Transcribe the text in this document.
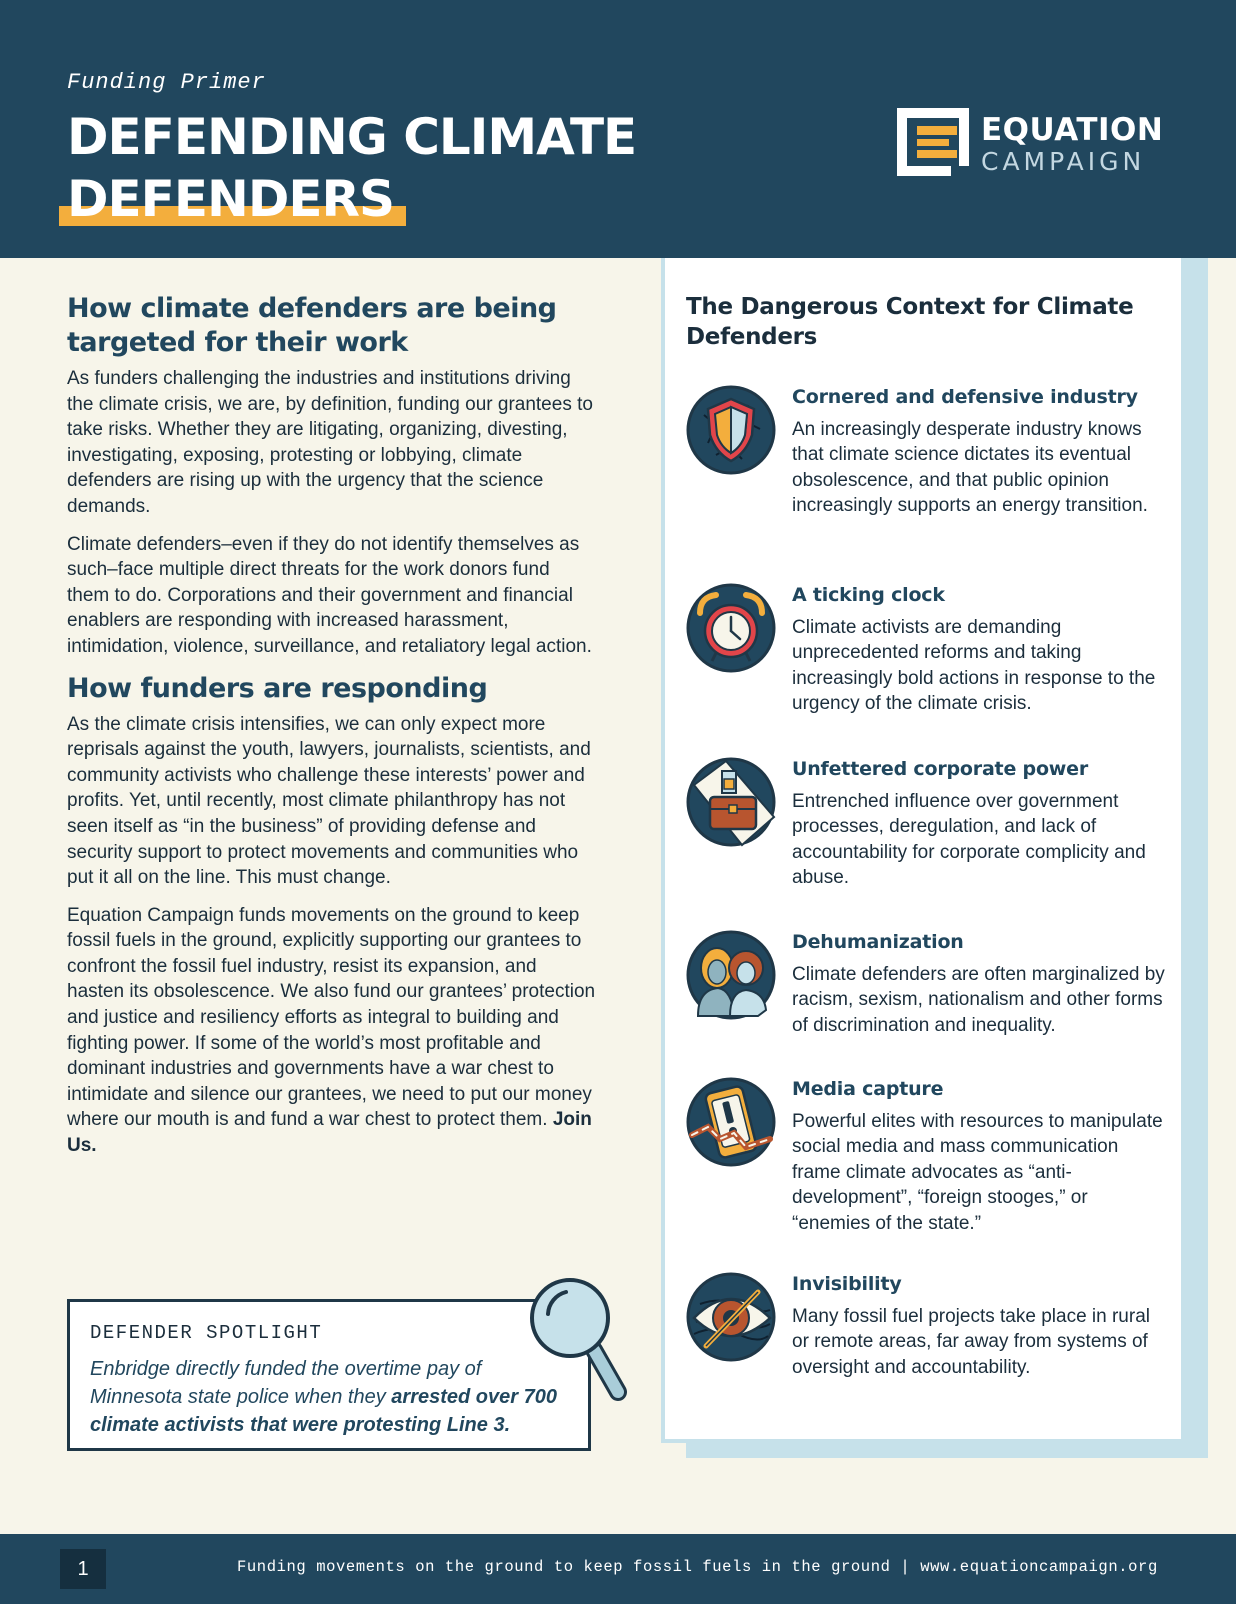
Funding Primer
DEFENDING CLIMATE
DEFENDERS
EQUATION
CAMPAIGN
How climate defenders are being targeted for their work

As funders challenging the industries and institutions driving the climate crisis, we are, by definition, funding our grantees to take risks. Whether they are litigating, organizing, divesting, investigating, exposing, protesting or lobbying, climate defenders are rising up with the urgency that the science demands.

Climate defenders–even if they do not identify themselves as such–face multiple direct threats for the work donors fund them to do. Corporations and their government and financial enablers are responding with increased harassment, intimidation, violence, surveillance, and retaliatory legal action.

How funders are responding

As the climate crisis intensifies, we can only expect more reprisals against the youth, lawyers, journalists, scientists, and community activists who challenge these interests’ power and profits. Yet, until recently, most climate philanthropy has not seen itself as “in the business” of providing defense and security support to protect movements and communities who put it all on the line. This must change.

Equation Campaign funds movements on the ground to keep fossil fuels in the ground, explicitly supporting our grantees to confront the fossil fuel industry, resist its expansion, and hasten its obsolescence. We also fund our grantees’ protection and justice and resiliency efforts as integral to building and fighting power. If some of the world’s most profitable and dominant industries and governments have a war chest to intimidate and silence our grantees, we need to put our money where our mouth is and fund a war chest to protect them. Join Us.

DEFENDER SPOTLIGHT
Enbridge directly funded the overtime pay of Minnesota state police when they arrested over 700 climate activists that were protesting Line 3.
The Dangerous Context for Climate Defenders
Cornered and defensive industry

An increasingly desperate industry knows that climate science dictates its eventual obsolescence, and that public opinion increasingly supports an energy transition.

A ticking clock

Climate activists are demanding unprecedented reforms and taking increasingly bold actions in response to the urgency of the climate crisis.

Unfettered corporate power

Entrenched influence over government processes, deregulation, and lack of accountability for corporate complicity and abuse.

Dehumanization

Climate defenders are often marginalized by racism, sexism, nationalism and other forms of discrimination and inequality.

Media capture

Powerful elites with resources to manipulate social media and mass communication frame climate advocates as “anti-development”, “foreign stooges,” or “enemies of the state.”

Invisibility

Many fossil fuel projects take place in rural or remote areas, far away from systems of oversight and accountability.

1	Funding movements on the ground to keep fossil fuels in the ground | www.equationcampaign.org
